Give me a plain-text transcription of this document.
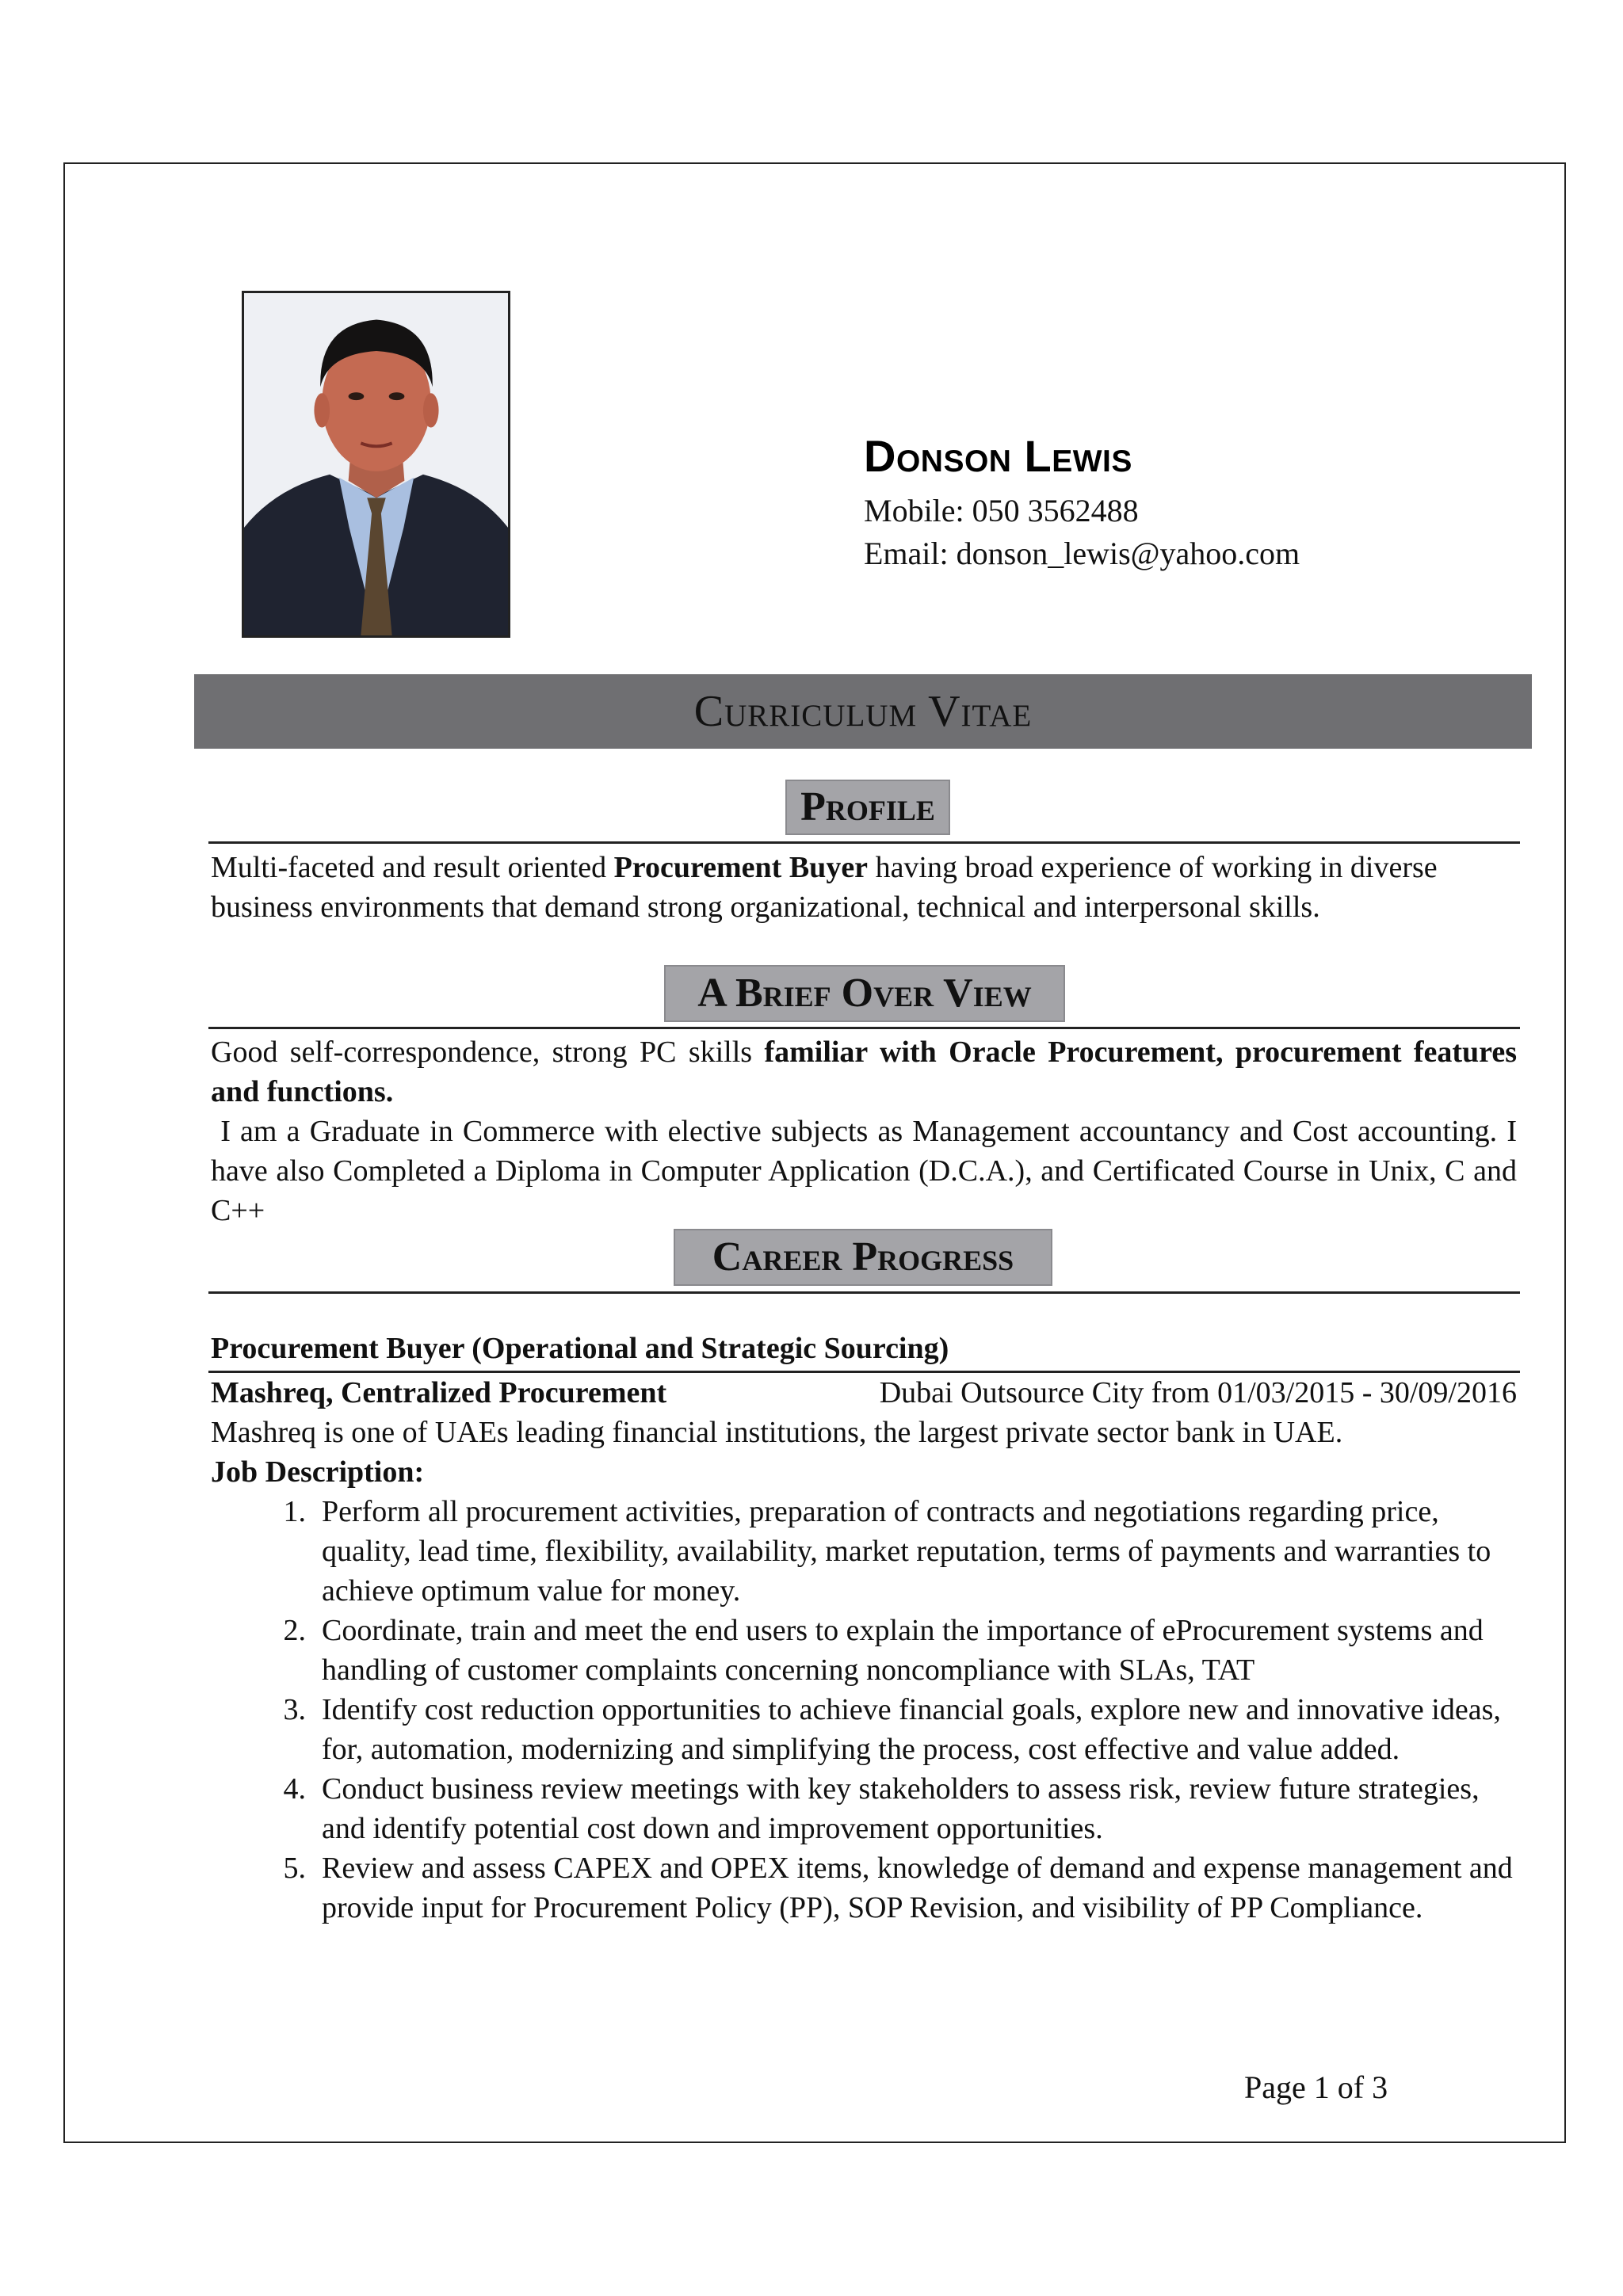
Donson Lewis
Mobile: 050 3562488
Email: donson_lewis@yahoo.com
Curriculum Vitae
Profile

Multi-faceted and result oriented Procurement Buyer having broad experience of working in diverse business environments that demand strong organizational, technical and interpersonal skills.

A Brief Over View

Good self-correspondence, strong PC skills familiar with Oracle Procurement, procurement features and functions.

I am a Graduate in Commerce with elective subjects as Management accountancy and Cost accounting. I have also Completed a Diploma in Computer Application (D.C.A.), and Certificated Course in Unix, C and C++

Career Progress
Procurement Buyer (Operational and Strategic Sourcing)
Mashreq, Centralized Procurement	Dubai Outsource City from 01/03/2015 - 30/09/2016
Mashreq is one of UAEs leading financial institutions, the largest private sector bank in UAE.
Job Description:
1. Perform all procurement activities, preparation of contracts and negotiations regarding price, quality, lead time, flexibility, availability, market reputation, terms of payments and warranties to achieve optimum value for money.
2. Coordinate, train and meet the end users to explain the importance of eProcurement systems and handling of customer complaints concerning noncompliance with SLAs, TAT
3. Identify cost reduction opportunities to achieve financial goals, explore new and innovative ideas, for, automation, modernizing and simplifying the process, cost effective and value added.
4. Conduct business review meetings with key stakeholders to assess risk, review future strategies, and identify potential cost down and improvement opportunities.
5. Review and assess CAPEX and OPEX items, knowledge of demand and expense management and provide input for Procurement Policy (PP), SOP Revision, and visibility of PP Compliance.
Page 1 of 3
